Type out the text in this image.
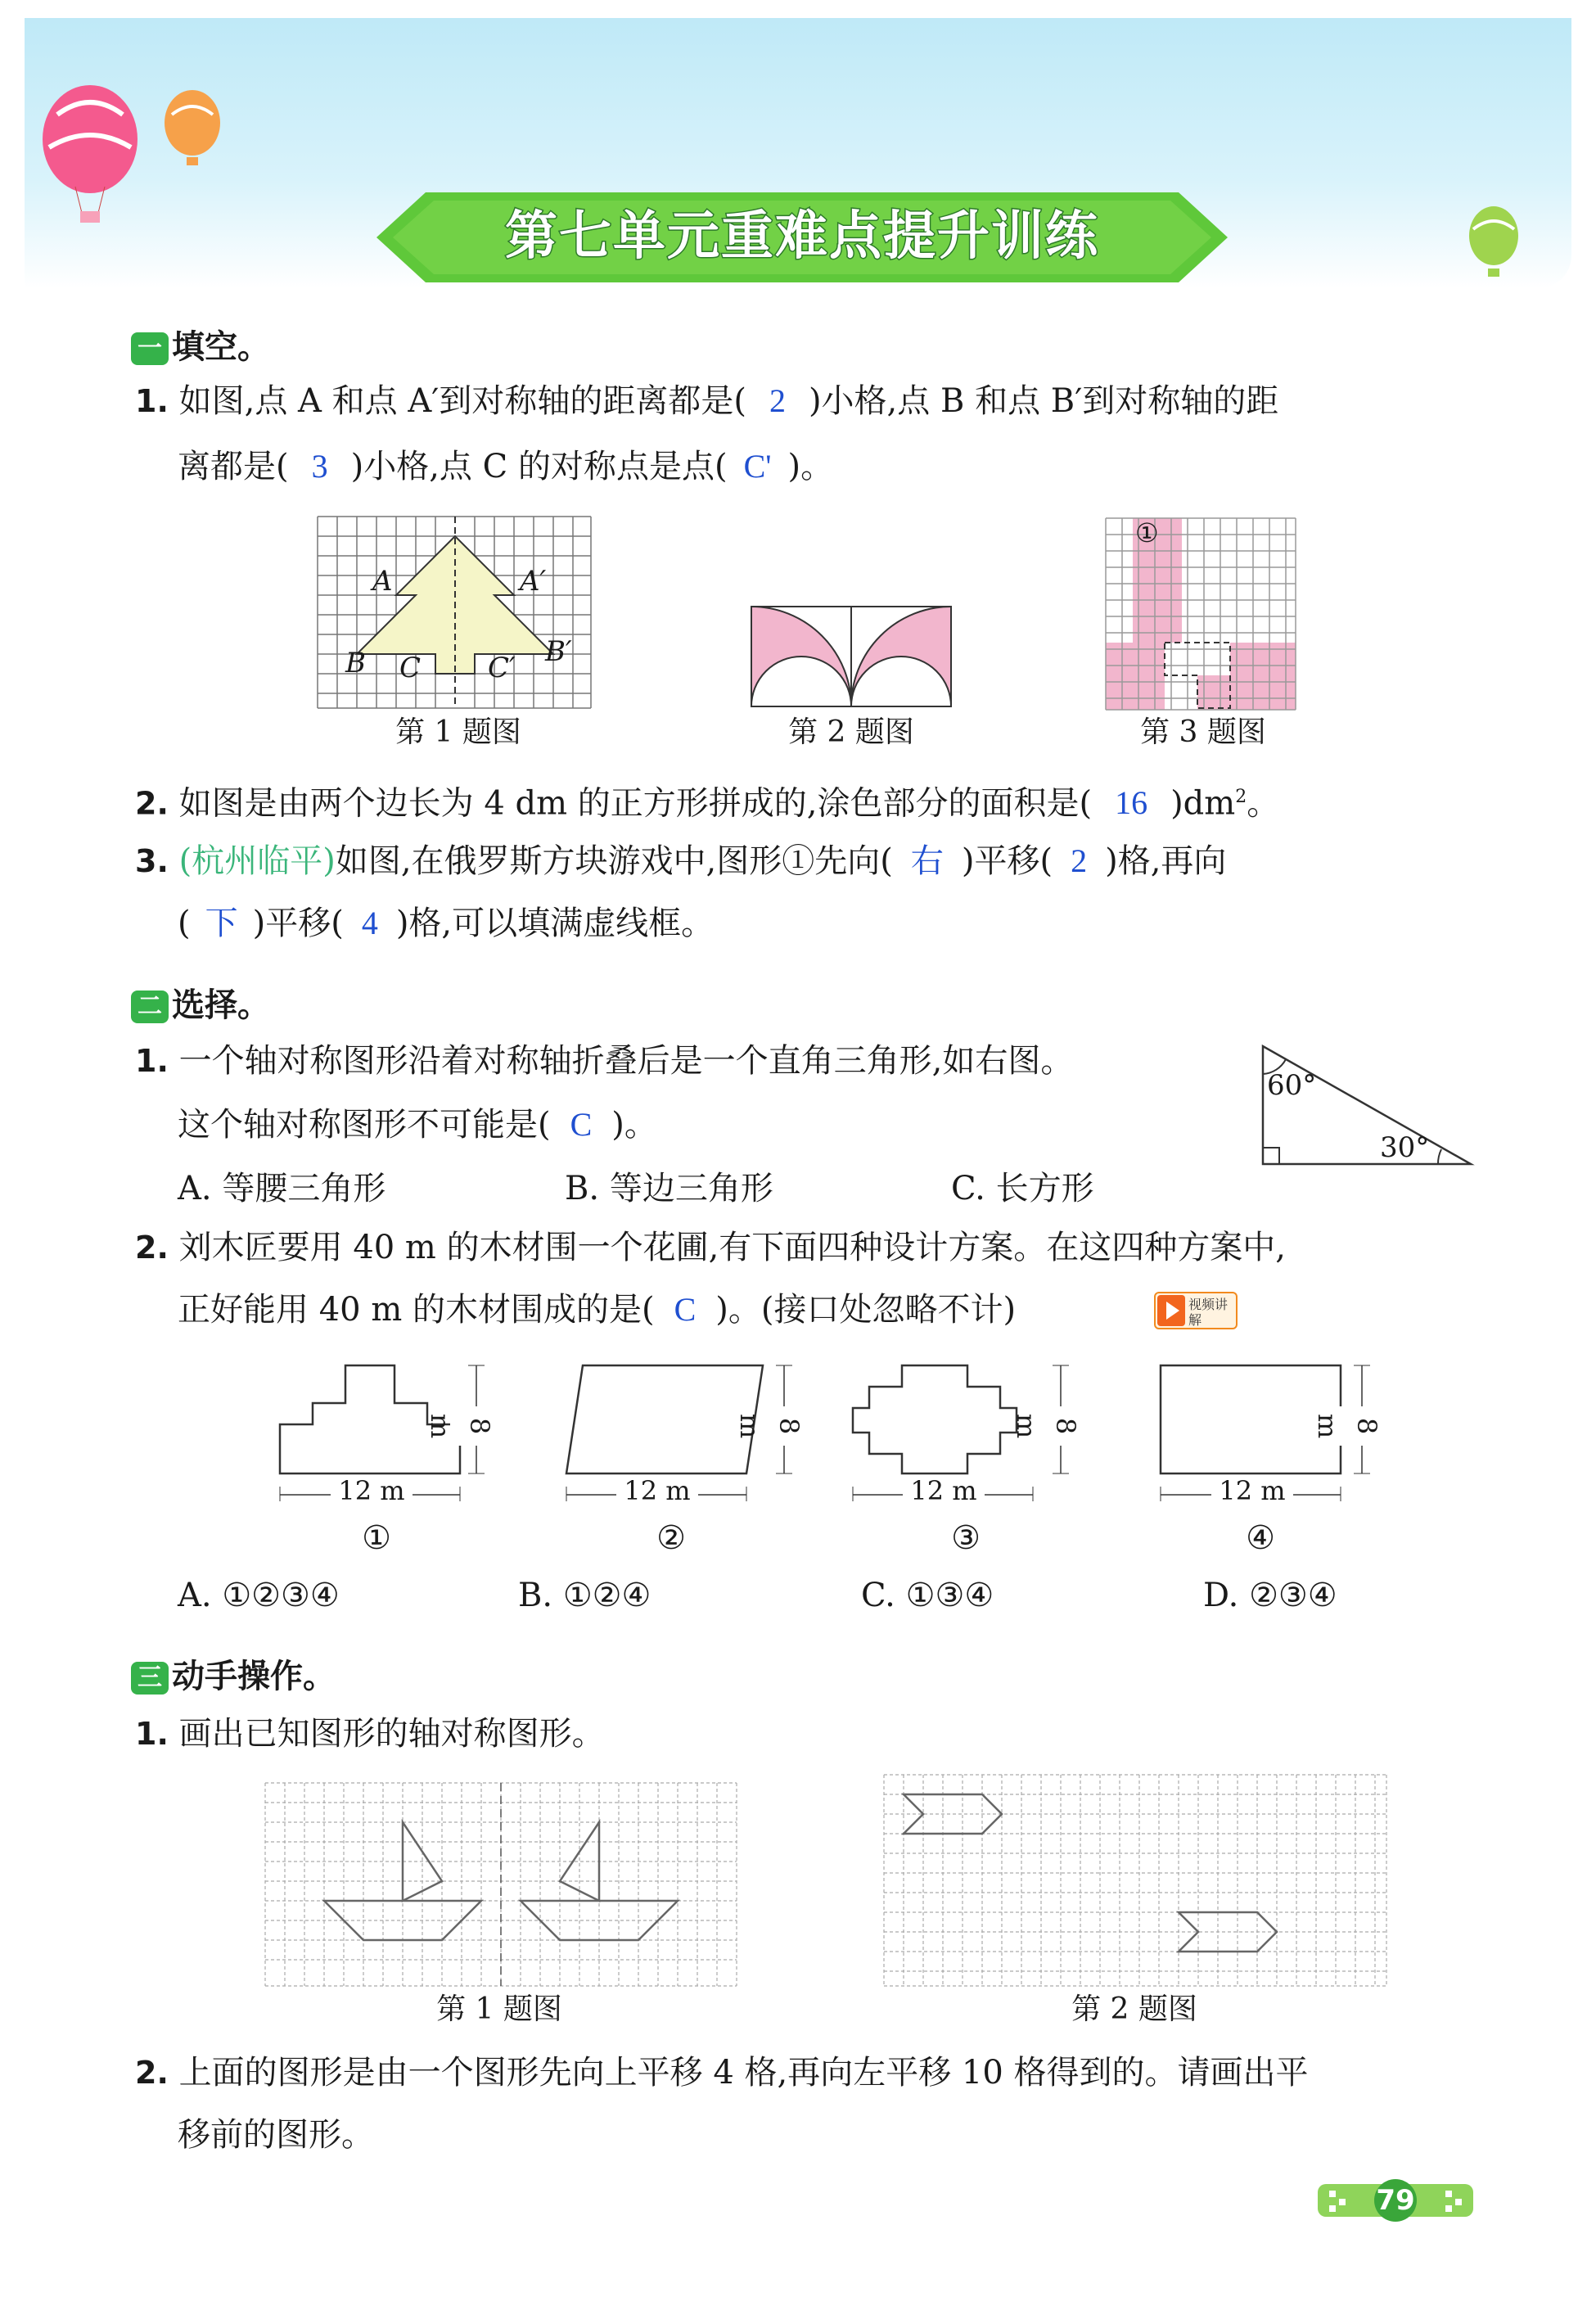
第七单元重难点提升训练
一 填空。
1. 如图,点 A 和点 A′到对称轴的距离都是( 2 )小格,点 B 和点 B′到对称轴的距
离都是( 3 )小格,点 C 的对称点是点( C' )。
A	A′
B	B′
C C′
①
第 1 题图	第 2 题图	第 3 题图
2. 如图是由两个边长为 4 dm 的正方形拼成的,涂色部分的面积是( 16 )$dm^2$。
3. (杭州临平)如图,在俄罗斯方块游戏中,图形①先向( 右 )平移( 2 )格,再向
( 下 )平移( 4 )格,可以填满虚线框。
二 选择。
1. 一个轴对称图形沿着对称轴折叠后是一个直角三角形,如右图。
这个轴对称图形不可能是( C )。
60°
30°
A. 等腰三角形	B. 等边三角形	C. 长方形
2. 刘木匠要用 40 m 的木材围一个花圃,有下面四种设计方案。在这四种方案中,
正好能用 40 m 的木材围成的是( C )。(接口处忽略不计)	视频讲解
12 m	12 m	12 m	12 m
8 m	8 m	8 m	8 m
①	②	③	④
A. ①②③④	B. ①②④	C. ①③④	D. ②③④
三 动手操作。
1. 画出已知图形的轴对称图形。
第 1 题图	第 2 题图
2. 上面的图形是由一个图形先向上平移 4 格,再向左平移 10 格得到的。请画出平
移前的图形。
79
